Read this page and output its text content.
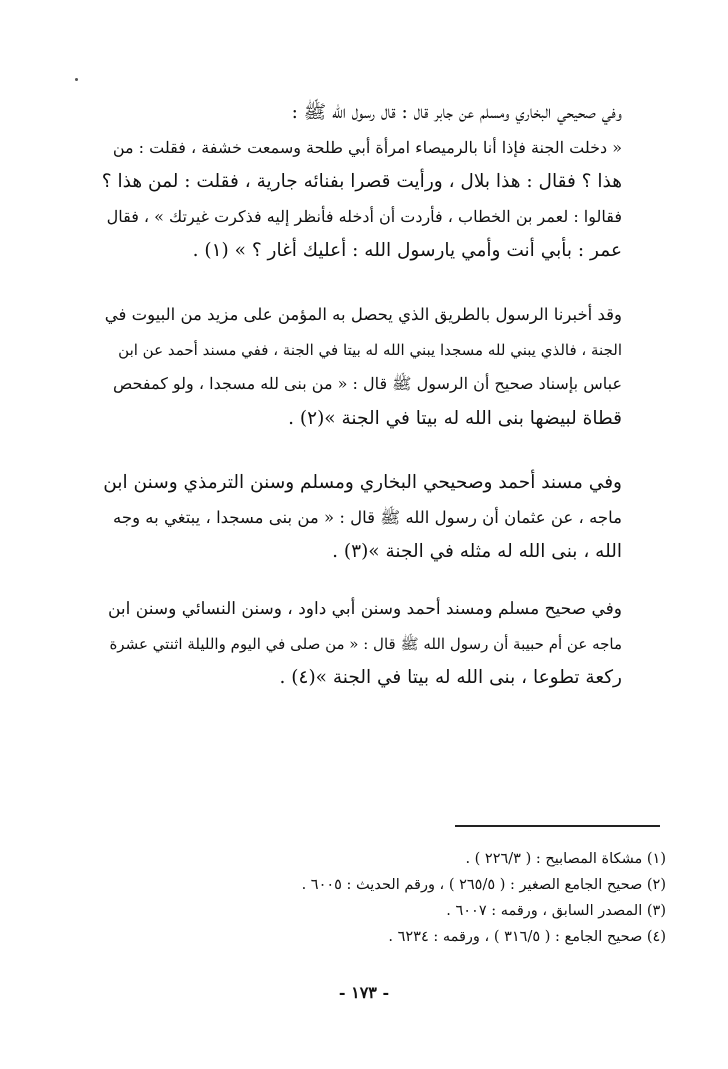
وفي صحيحي البخاري ومسلم عن جابر قال : قال رسول الله ﷺ :
« دخلت الجنة فإذا أنا بالرميصاء امرأة أبي طلحة وسمعت خشفة ، فقلت : من
هذا ؟ فقال : هذا بلال ، ورأيت قصرا بفنائه جارية ، فقلت : لمن هذا ؟
فقالوا : لعمر بن الخطاب ، فأردت أن أدخله فأنظر إليه فذكرت غيرتك » ، فقال
عمر : بأبي أنت وأمي يارسول الله : أعليك أغار ؟ » (١) .
وقد أخبرنا الرسول بالطريق الذي يحصل به المؤمن على مزيد من البيوت في
الجنة ، فالذي يبني لله مسجدا يبني الله له بيتا في الجنة ، ففي مسند أحمد عن ابن
عباس بإسناد صحيح أن الرسول ﷺ قال : « من بنى لله مسجدا ، ولو كمفحص
قطاة لبيضها بنى الله له بيتا في الجنة »(٢) .
وفي مسند أحمد وصحيحي البخاري ومسلم وسنن الترمذي وسنن ابن
ماجه ، عن عثمان أن رسول الله ﷺ قال : « من بنى مسجدا ، يبتغي به وجه
الله ، بنى الله له مثله في الجنة »(٣) .
وفي صحيح مسلم ومسند أحمد وسنن أبي داود ، وسنن النسائي وسنن ابن
ماجه عن أم حبيبة أن رسول الله ﷺ قال : « من صلى في اليوم والليلة اثنتي عشرة
ركعة تطوعا ، بنى الله له بيتا في الجنة »(٤) .
(١) مشكاة المصابيح : ( ٢٢٦/٣ ) .
(٢) صحيح الجامع الصغير : ( ٢٦٥/٥ ) ، ورقم الحديث : ٦٠٠٥ .
(٣) المصدر السابق ، ورقمه : ٦٠٠٧ .
(٤) صحيح الجامع : ( ٣١٦/٥ ) ، ورقمه : ٦٢٣٤ .
- ١٧٣ -
